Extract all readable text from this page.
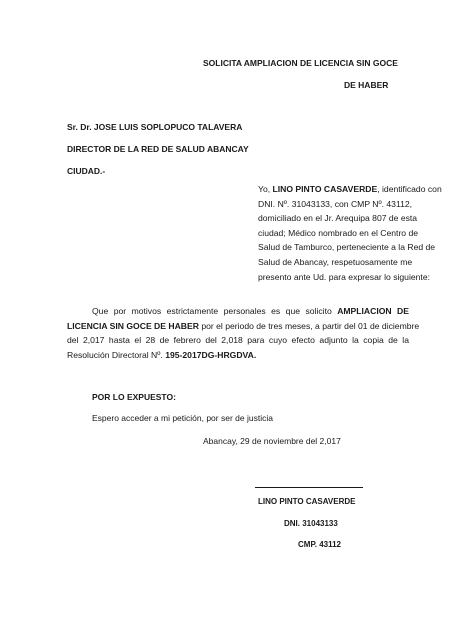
SOLICITA AMPLIACION DE LICENCIA SIN GOCE
DE HABER
Sr. Dr. JOSE LUIS SOPLOPUCO TALAVERA
DIRECTOR DE LA RED DE SALUD ABANCAY
CIUDAD.-
Yo, LINO PINTO CASAVERDE, identificado con
DNI. Nº. 31043133, con CMP Nº. 43112,
domiciliado en el Jr. Arequipa 807 de esta
ciudad; Médico nombrado en el Centro de
Salud de Tamburco, perteneciente a la Red de
Salud de Abancay, respetuosamente me
presento ante Ud. para expresar lo siguiente:
Que por motivos estrictamente personales es que solicito AMPLIACION DE
LICENCIA SIN GOCE DE HABER por el periodo de tres meses, a partir del 01 de diciembre
del 2,017 hasta el 28 de febrero del 2,018 para cuyo efecto adjunto la copia de la
Resolución Directoral Nº. 195-2017DG-HRGDVA.
POR LO EXPUESTO:
Espero acceder a mi petición, por ser de justicia
Abancay, 29 de noviembre del 2,017
LINO PINTO CASAVERDE
DNI. 31043133
CMP. 43112
